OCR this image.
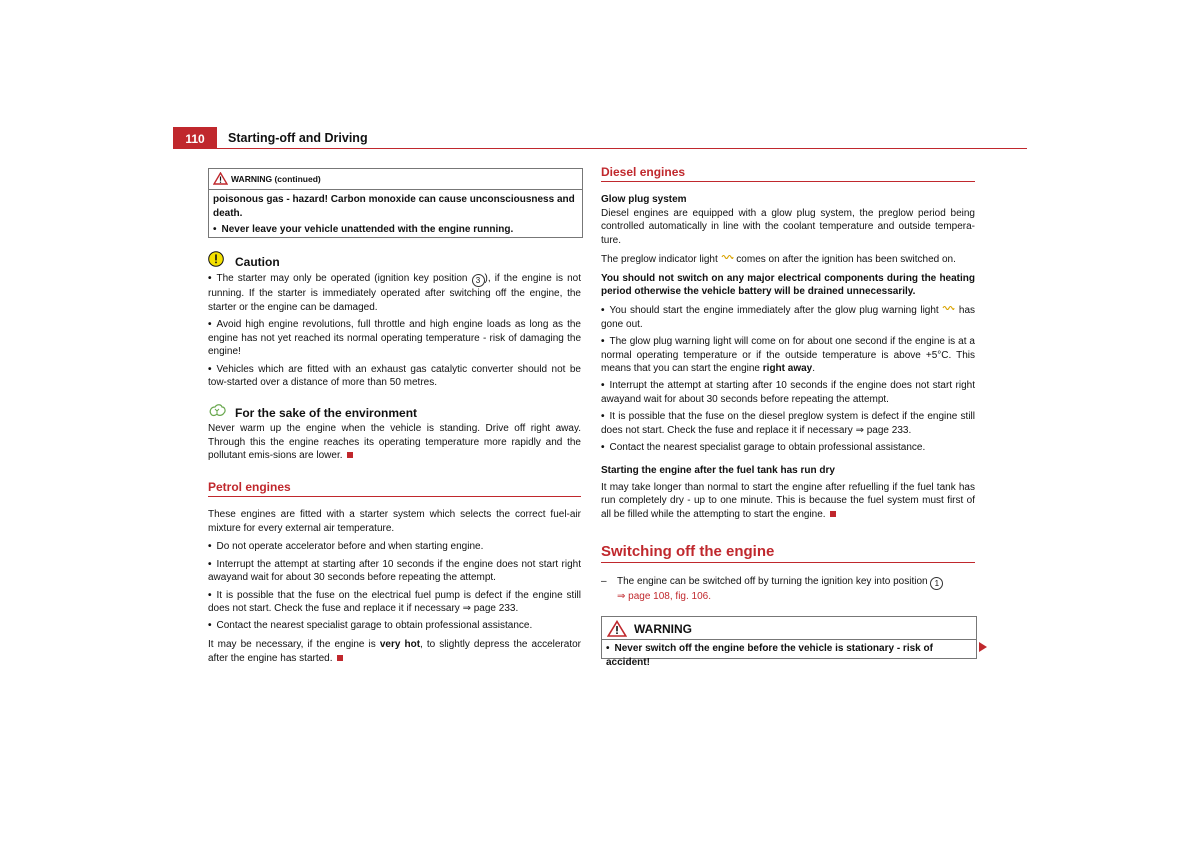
110	Starting-off and Driving
WARNING (continued)

poisonous gas - hazard! Carbon monoxide can cause unconsciousness and death.

• Never leave your vehicle unattended with the engine running.

Caution

• The starter may only be operated (ignition key position 3 ), if the engine is not running. If the starter is immediately operated after switching off the engine, the starter or the engine can be damaged.

• Avoid high engine revolutions, full throttle and high engine loads as long as the engine has not yet reached its normal operating temperature - risk of damaging the engine!

• Vehicles which are fitted with an exhaust gas catalytic converter should not be tow-started over a distance of more than 50 metres.

For the sake of the environment

Never warm up the engine when the vehicle is standing. Drive off right away. Through this the engine reaches its operating temperature more rapidly and the pollutant emis-sions are lower.

Petrol engines

These engines are fitted with a starter system which selects the correct fuel-air mixture for every external air temperature.

• Do not operate accelerator before and when starting engine.

• Interrupt the attempt at starting after 10 seconds if the engine does not start right awayand wait for about 30 seconds before repeating the attempt.

• It is possible that the fuse on the electrical fuel pump is defect if the engine still does not start. Check the fuse and replace it if necessary ⇒ page 233.

• Contact the nearest specialist garage to obtain professional assistance.

It may be necessary, if the engine is very hot, to slightly depress the accelerator after the engine has started.

Diesel engines

Glow plug system

Diesel engines are equipped with a glow plug system, the preglow period being controlled automatically in line with the coolant temperature and outside tempera-ture.

The preglow indicator light comes on after the ignition has been switched on.

You should not switch on any major electrical components during the heating period otherwise the vehicle battery will be drained unnecessarily.

• You should start the engine immediately after the glow plug warning light has gone out.

• The glow plug warning light will come on for about one second if the engine is at a normal operating temperature or if the outside temperature is above +5°C. This means that you can start the engine right away.

• Interrupt the attempt at starting after 10 seconds if the engine does not start right awayand wait for about 30 seconds before repeating the attempt.

• It is possible that the fuse on the diesel preglow system is defect if the engine still does not start. Check the fuse and replace it if necessary ⇒ page 233.

• Contact the nearest specialist garage to obtain professional assistance.

Starting the engine after the fuel tank has run dry

It may take longer than normal to start the engine after refuelling if the fuel tank has run completely dry - up to one minute. This is because the fuel system must first of all be filled while the attempting to start the engine.

Switching off the engine

– The engine can be switched off by turning the ignition key into position 1

⇒ page 108, fig. 106.

WARNING

• Never switch off the engine before the vehicle is stationary - risk of accident!
